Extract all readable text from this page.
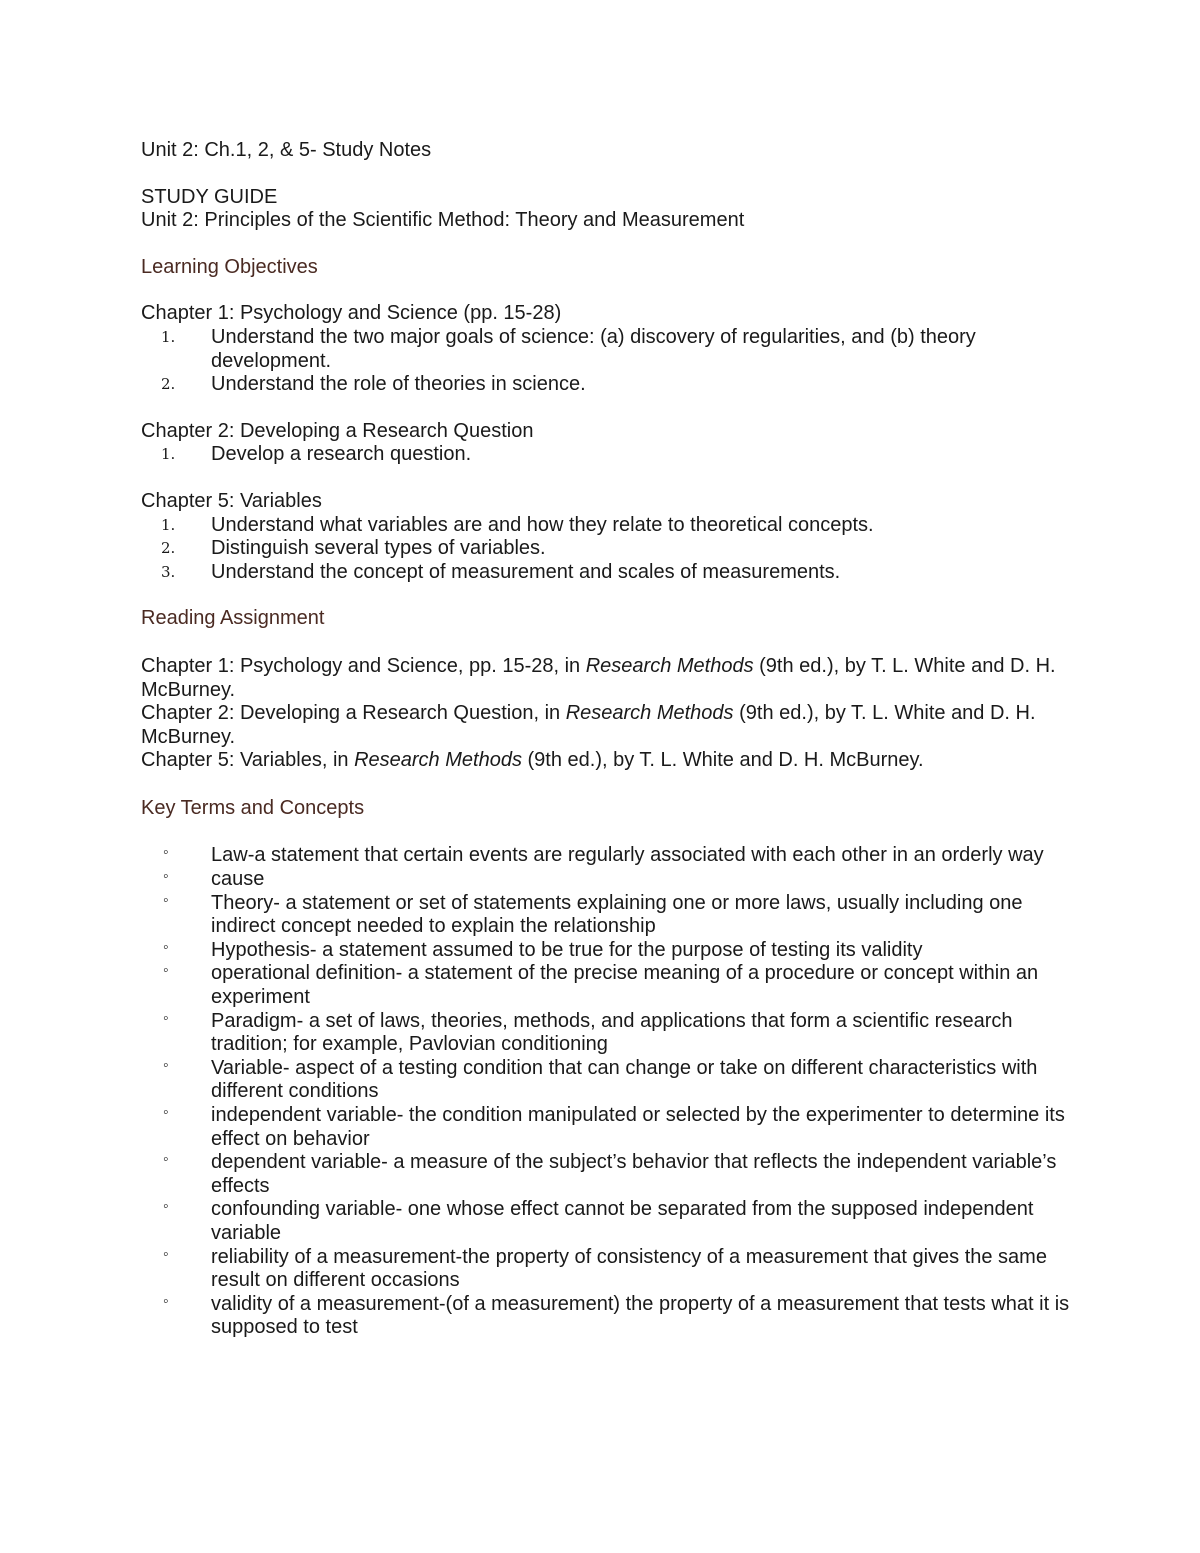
Unit 2: Ch.1, 2, & 5- Study Notes

STUDY GUIDE

Unit 2: Principles of the Scientific Method: Theory and Measurement

Learning Objectives

Chapter 1: Psychology and Science (pp. 15-28)

1. Understand the two major goals of science: (a) discovery of regularities, and (b) theory development.
2. Understand the role of theories in science.

Chapter 2: Developing a Research Question

1. Develop a research question.

Chapter 5: Variables

1. Understand what variables are and how they relate to theoretical concepts.
2. Distinguish several types of variables.
3. Understand the concept of measurement and scales of measurements.

Reading Assignment

Chapter 1: Psychology and Science, pp. 15-28, in Research Methods (9th ed.), by T. L. White and D. H. McBurney.

Chapter 2: Developing a Research Question, in Research Methods (9th ed.), by T. L. White and D. H. McBurney.

Chapter 5: Variables, in Research Methods (9th ed.), by T. L. White and D. H. McBurney.

Key Terms and Concepts

◦ Law-a statement that certain events are regularly associated with each other in an orderly way
◦ cause
◦ Theory- a statement or set of statements explaining one or more laws, usually including one indirect concept needed to explain the relationship
◦ Hypothesis- a statement assumed to be true for the purpose of testing its validity
◦ operational definition- a statement of the precise meaning of a procedure or concept within an experiment
◦ Paradigm- a set of laws, theories, methods, and applications that form a scientific research tradition; for example, Pavlovian conditioning
◦ Variable- aspect of a testing condition that can change or take on different characteristics with different conditions
◦ independent variable- the condition manipulated or selected by the experimenter to determine its effect on behavior
◦ dependent variable- a measure of the subject’s behavior that reflects the independent variable’s effects
◦ confounding variable- one whose effect cannot be separated from the supposed independent variable
◦ reliability of a measurement-the property of consistency of a measurement that gives the same result on different occasions
◦ validity of a measurement-(of a measurement) the property of a measurement that tests what it is supposed to test
